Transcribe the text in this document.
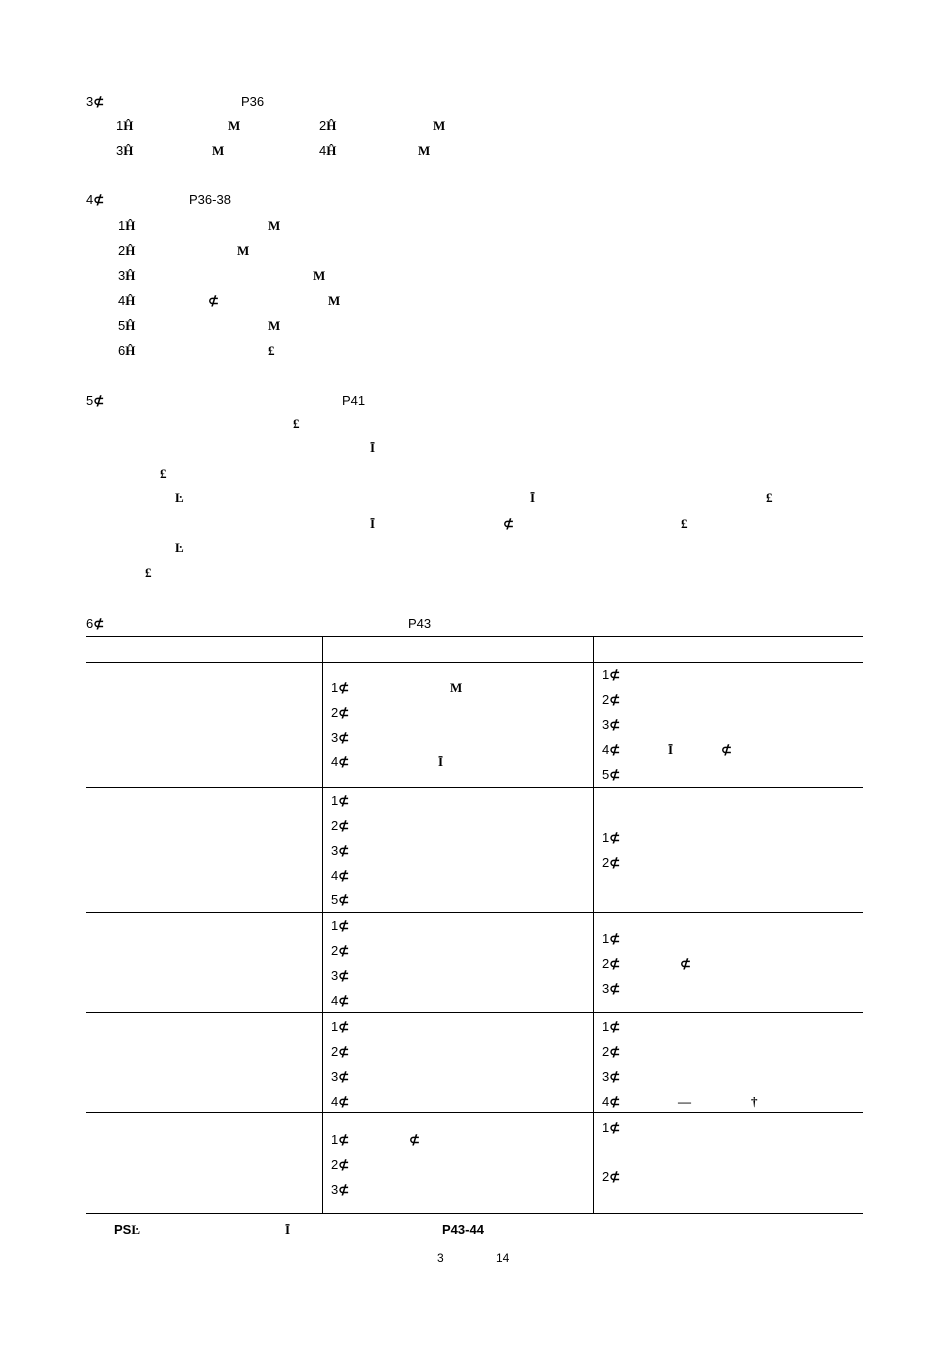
3⊄	P36
1Ĥ	M	2Ĥ	M
3Ĥ	M	4Ĥ	M
4⊄	P36-38
1Ĥ	M
2Ĥ	M
3Ĥ	M
4Ĥ	⊄	M
5Ĥ	M
6Ĥ	£
5⊄	P41
£
Ī
£
Ŀ	Ī	£
Ī	⊄	£
Ŀ
£
6⊄	P43
1⊄	M
2⊄
3⊄
4⊄	Ī
1⊄
2⊄
3⊄
4⊄	Ī	⊄
5⊄
1⊄
2⊄
3⊄
4⊄
5⊄
1⊄
2⊄
1⊄
2⊄
3⊄
4⊄
1⊄
2⊄	⊄
3⊄
1⊄
2⊄
3⊄
4⊄
1⊄
2⊄
3⊄
4⊄	—	†
1⊄	⊄
2⊄
3⊄
1⊄
2⊄
PSĿ	Ī	P43-44
3	14
